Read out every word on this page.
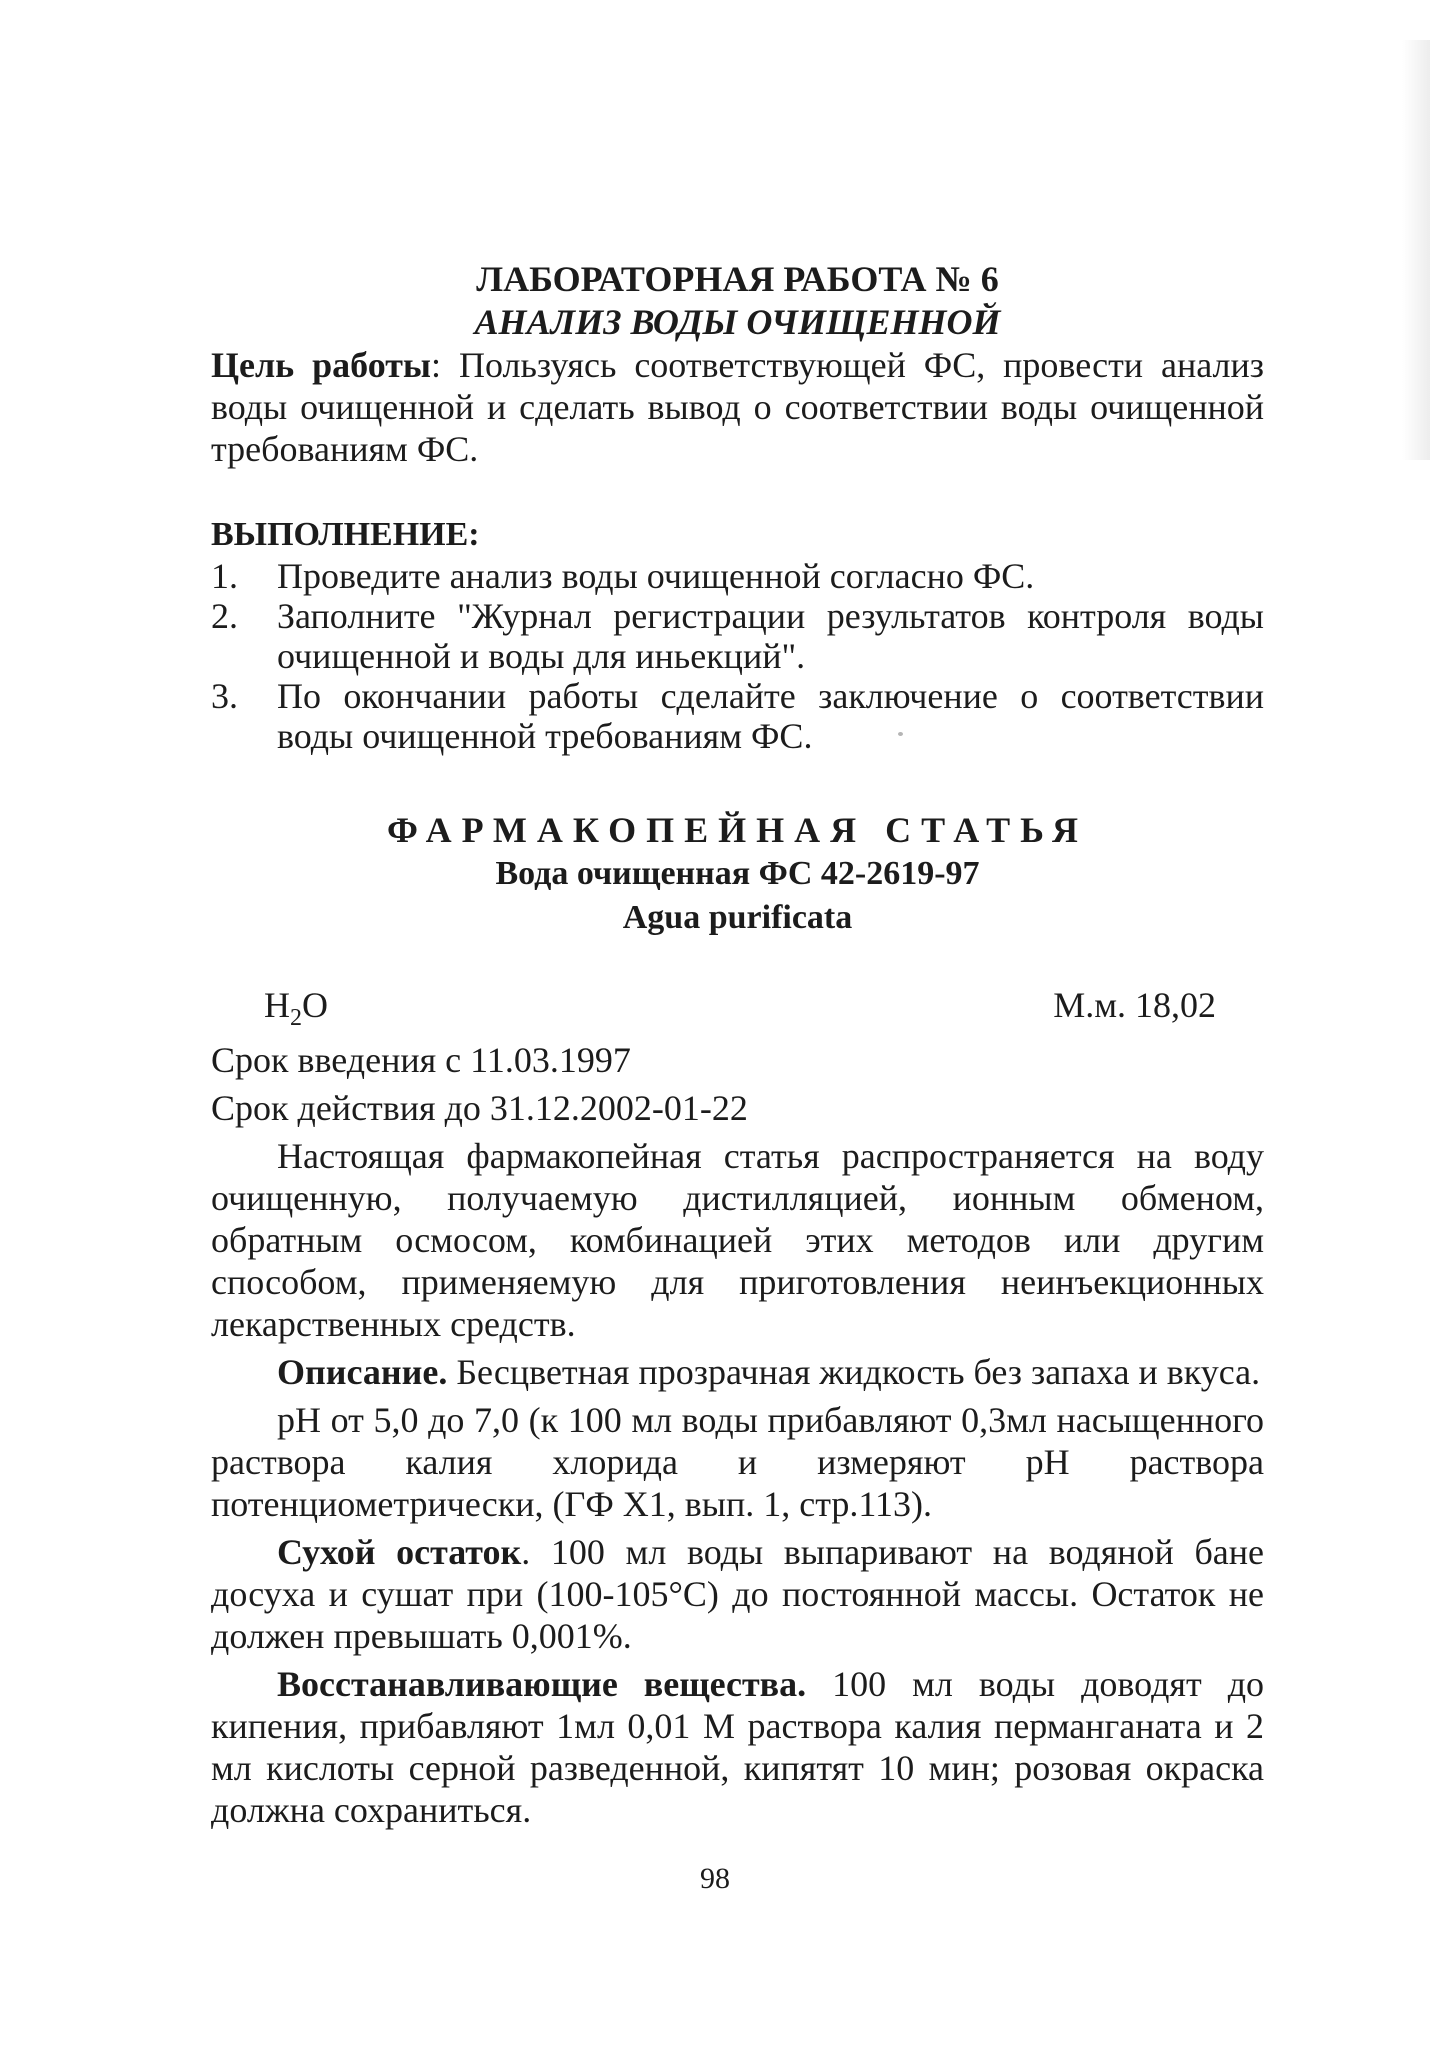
ЛАБОРАТОРНАЯ РАБОТА № 6

АНАЛИЗ ВОДЫ ОЧИЩЕННОЙ

Цель работы: Пользуясь соответствующей ФС, провести анализ воды очищенной и сделать вывод о соответствии воды очищенной требованиям ФС.

ВЫПОЛНЕНИЕ:

1.	Проведите анализ воды очищенной согласно ФС.
2.	Заполните "Журнал регистрации результатов контроля воды очищенной и воды для иньекций".
3.	По окончании работы сделайте заключение о соответствии воды очищенной требованиям ФС.

ФАРМАКОПЕЙНАЯ СТАТЬЯ

Вода очищенная ФС 42-2619-97

Agua purificata

$H_2O$	М.м. 18,02

Срок введения с 11.03.1997

Срок действия до 31.12.2002-01-22

Настоящая фармакопейная статья распространяется на воду очищенную, получаемую дистилляцией, ионным обменом, обратным осмосом, комбинацией этих методов или другим способом, применяемую для приготовления неинъекционных лекарственных средств.

Описание. Бесцветная прозрачная жидкость без запаха и вкуса.

pH от 5,0 до 7,0 (к 100 мл воды прибавляют 0,3мл насыщенного раствора калия хлорида и измеряют pH раствора потенциометрически, (ГФ X1, вып. 1, стр.113).

Сухой остаток. 100 мл воды выпаривают на водяной бане досуха и сушат при (100-105°С) до постоянной массы. Остаток не должен превышать 0,001%.

Восстанавливающие вещества. 100 мл воды доводят до кипения, прибавляют 1мл 0,01 М раствора калия перманганата и 2 мл кислоты серной разведенной, кипятят 10 мин; розовая окраска должна сохраниться.

98
